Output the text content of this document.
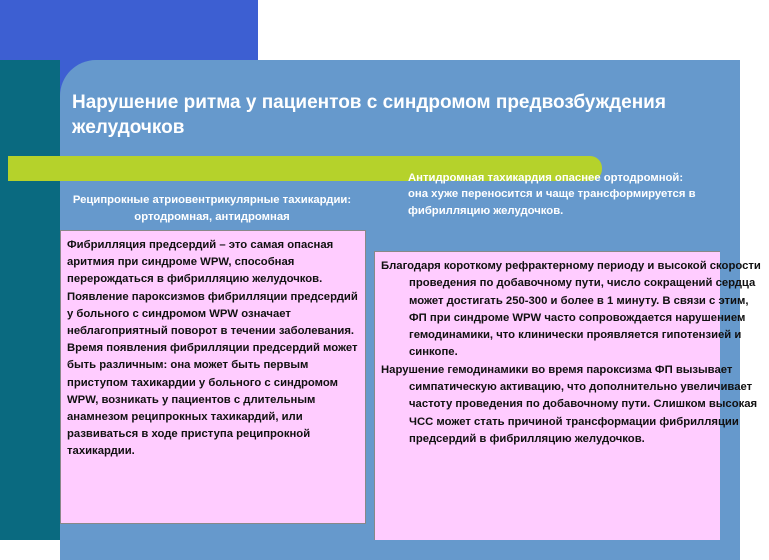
Нарушение ритма у пациентов с синдромом предвозбуждения желудочков
Реципрокные атриовентрикулярные тахикардии: ортодромная, антидромная

Фибрилляция предсердий – это самая опасная аритмия при синдроме WPW, способная перерождаться в фибрилляцию желудочков. Появление пароксизмов фибрилляции предсердий у больного с синдромом WPW означает неблагоприятный поворот в течении заболевания. Время появления фибрилляции предсердий может быть различным: она может быть первым приступом тахикардии у больного с синдромом WPW, возникать у пациентов с длительным анамнезом реципрокных тахикардий, или развиваться в ходе приступа реципрокной тахикардии.

Антидромная тахикардия опаснее ортодромной: она хуже переносится и чаще трансформируется в фибрилляцию желудочков.

Благодаря короткому рефрактерному периоду и высокой скорости проведения по добавочному пути, число сокращений сердца может достигать 250-300 и более в 1 минуту. В связи с этим, ФП при синдроме WPW часто сопровождается нарушением гемодинамики, что клинически проявляется гипотензией и синкопе.

Нарушение гемодинамики во время пароксизма ФП вызывает симпатическую активацию, что дополнительно увеличивает частоту проведения по добавочному пути. Слишком высокая ЧСС может стать причиной трансформации фибрилляции предсердий в фибрилляцию желудочков.
